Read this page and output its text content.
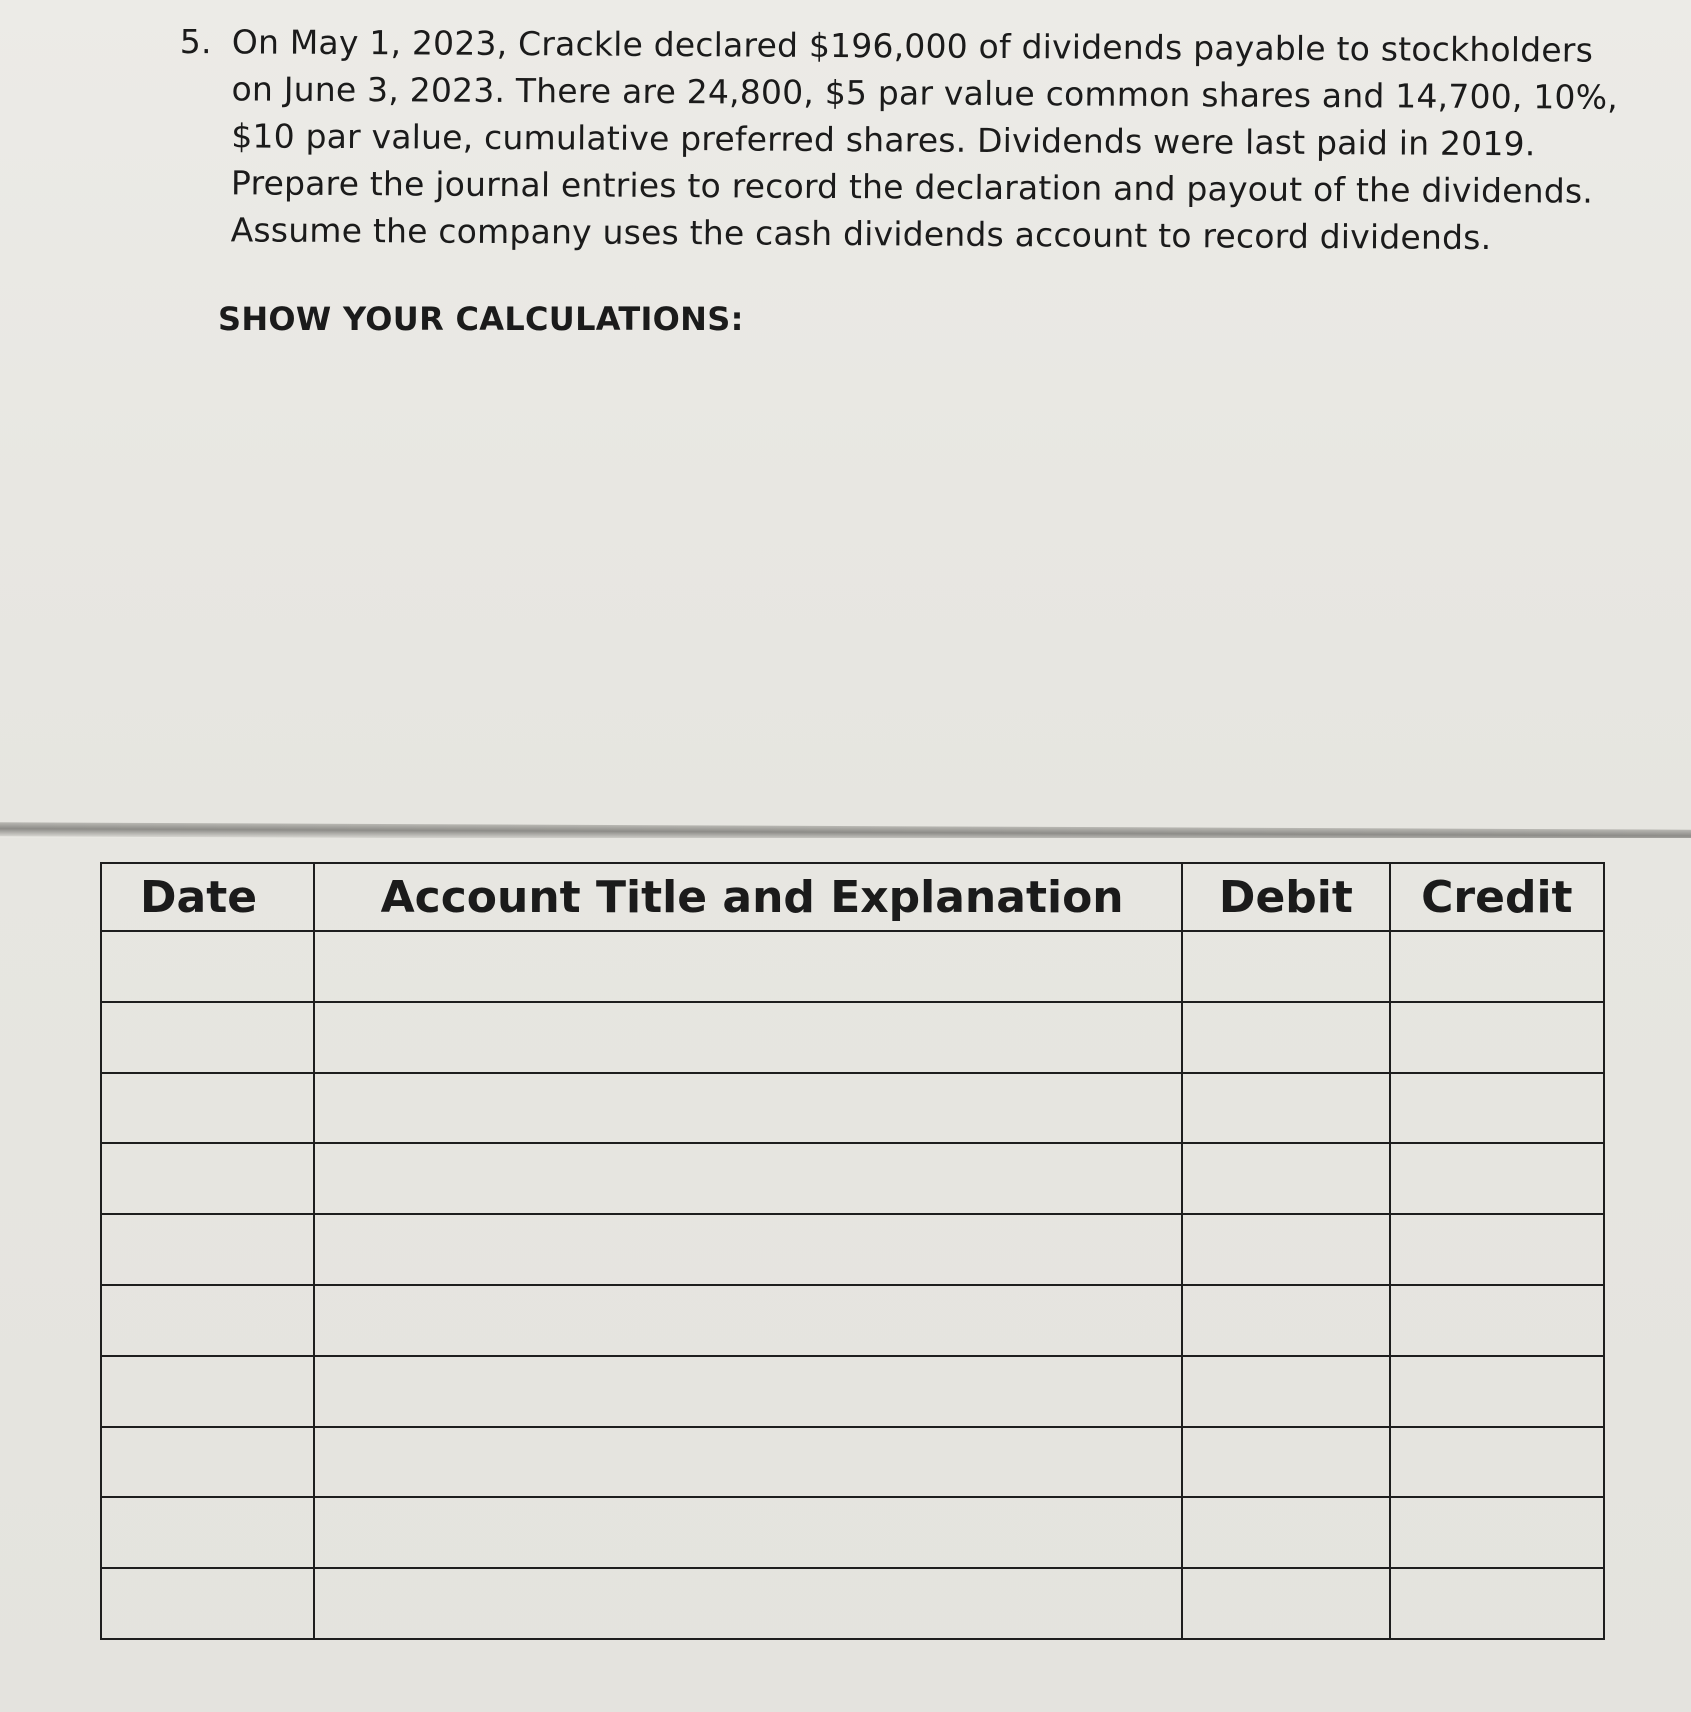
5. On May 1, 2023, Crackle declared $196,000 of dividends payable to stockholders
on June 3, 2023. There are 24,800, $5 par value common shares and 14,700, 10%,
$10 par value, cumulative preferred shares. Dividends were last paid in 2019.
Prepare the journal entries to record the declaration and payout of the dividends.
Assume the company uses the cash dividends account to record dividends.
SHOW YOUR CALCULATIONS:
Date	Account Title and Explanation	Debit	Credit
